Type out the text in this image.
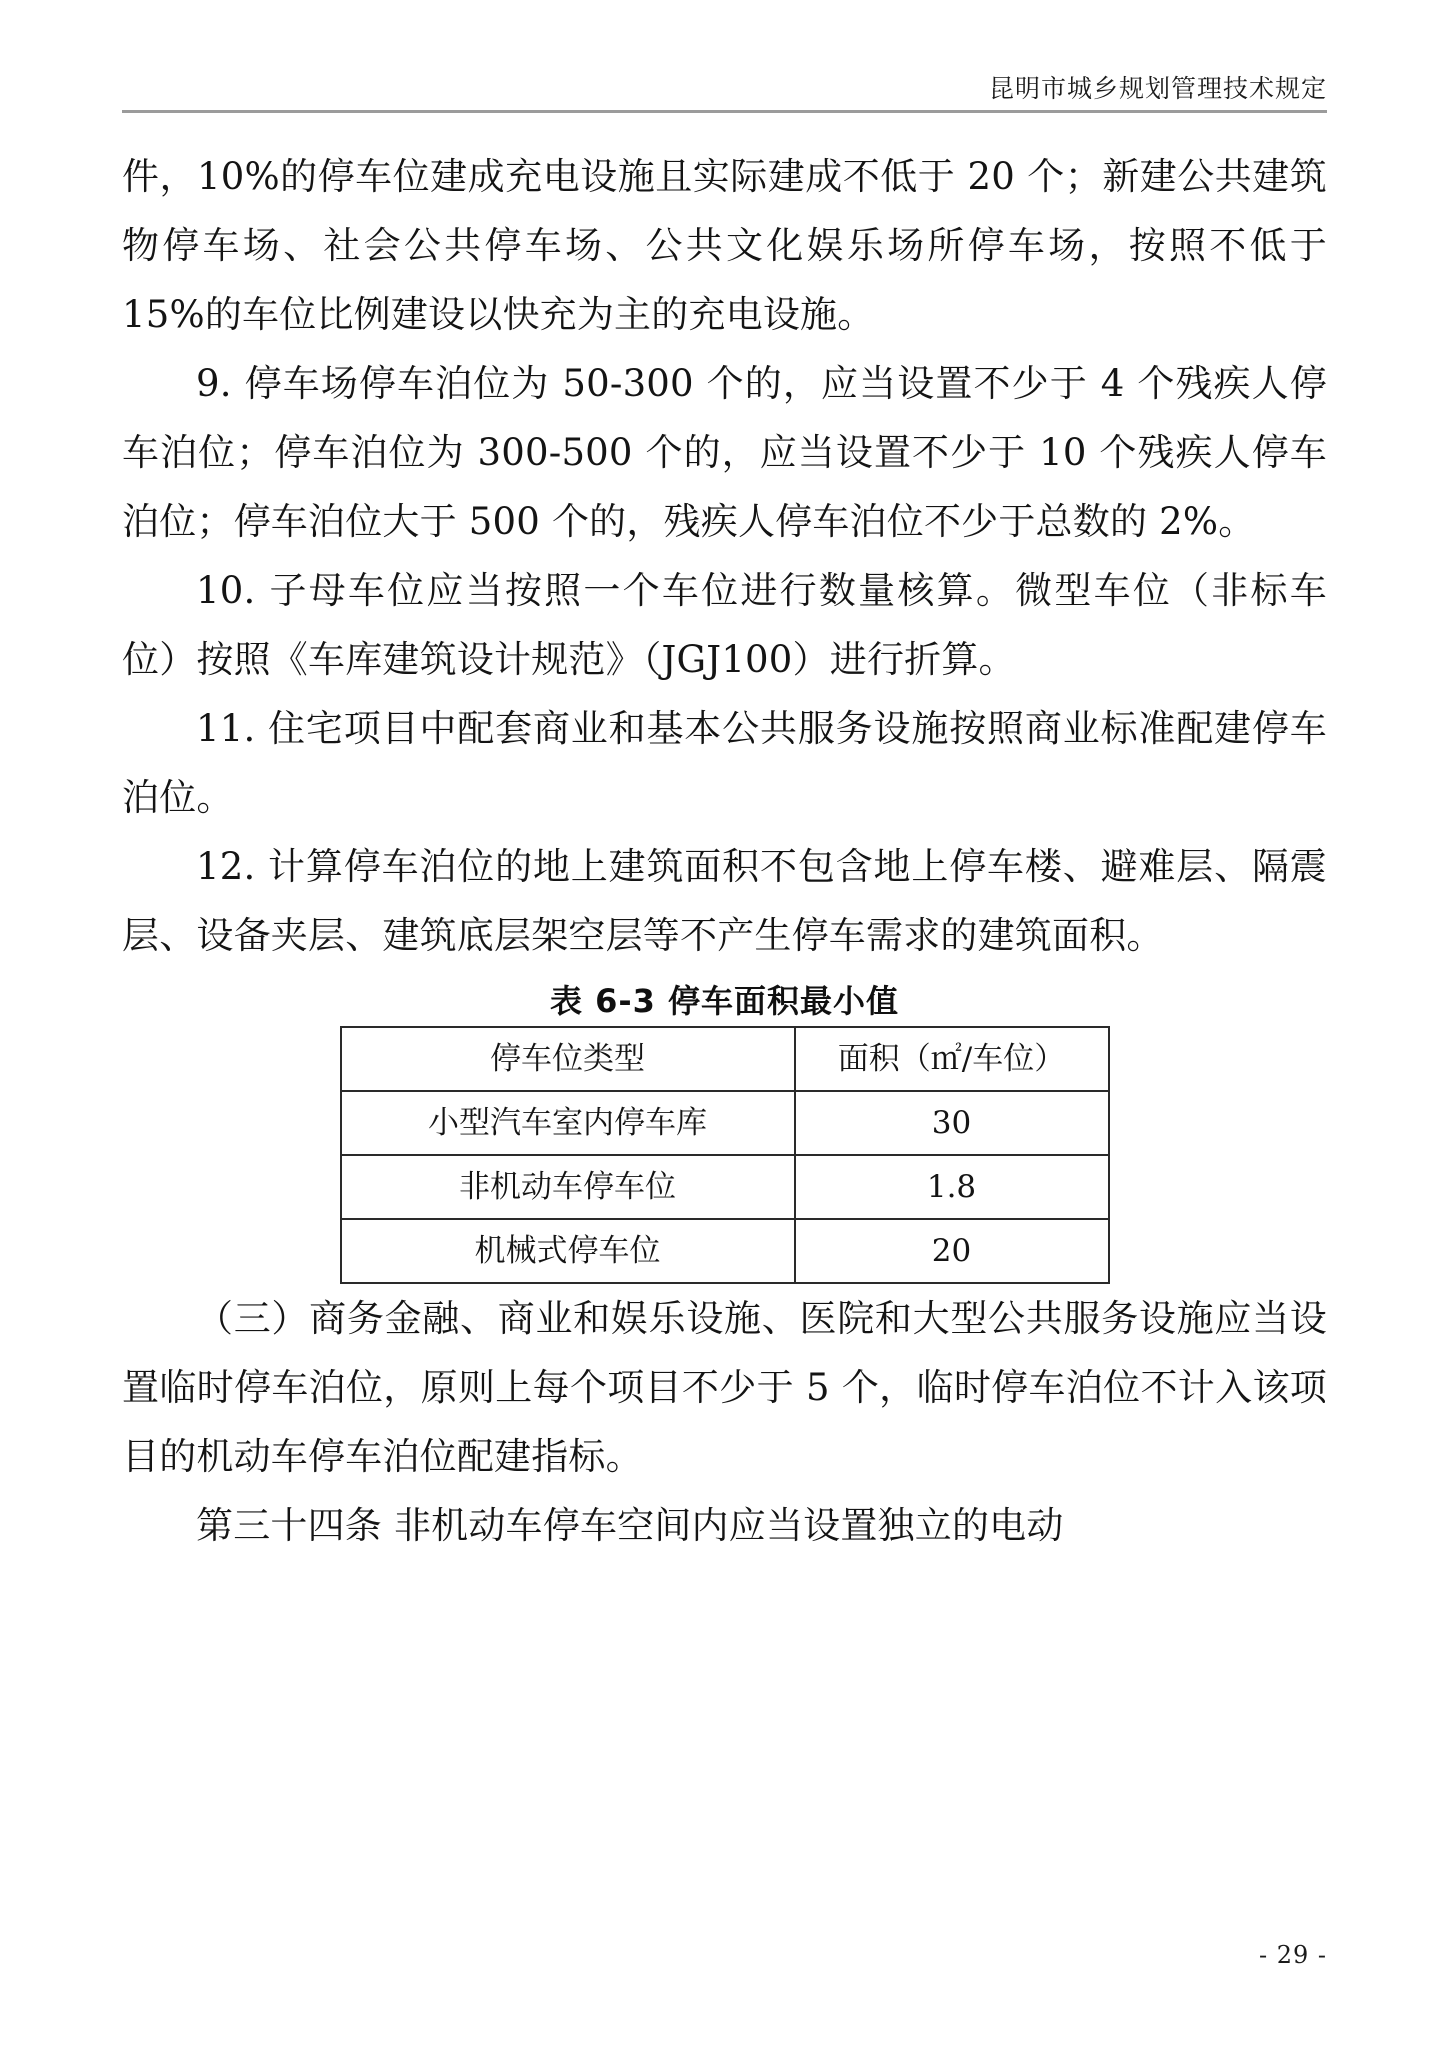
昆明市城乡规划管理技术规定

件，10%的停车位建成充电设施且实际建成不低于 20 个；新建公共建筑物停车场、社会公共停车场、公共文化娱乐场所停车场，按照不低于 15%的车位比例建设以快充为主的充电设施。

9. 停车场停车泊位为 50-300 个的，应当设置不少于 4 个残疾人停车泊位；停车泊位为 300-500 个的，应当设置不少于 10 个残疾人停车泊位；停车泊位大于 500 个的，残疾人停车泊位不少于总数的 2%。

10. 子母车位应当按照一个车位进行数量核算。微型车位（非标车位）按照《车库建筑设计规范》（JGJ100）进行折算。

11. 住宅项目中配套商业和基本公共服务设施按照商业标准配建停车泊位。

12. 计算停车泊位的地上建筑面积不包含地上停车楼、避难层、隔震层、设备夹层、建筑底层架空层等不产生停车需求的建筑面积。

表 6-3 停车面积最小值
停车位类型	面积（㎡/车位）
小型汽车室内停车库	30
非机动车停车位	1.8
机械式停车位	20

（三）商务金融、商业和娱乐设施、医院和大型公共服务设施应当设置临时停车泊位，原则上每个项目不少于 5 个，临时停车泊位不计入该项目的机动车停车泊位配建指标。

第三十四条 非机动车停车空间内应当设置独立的电动

- 29 -
